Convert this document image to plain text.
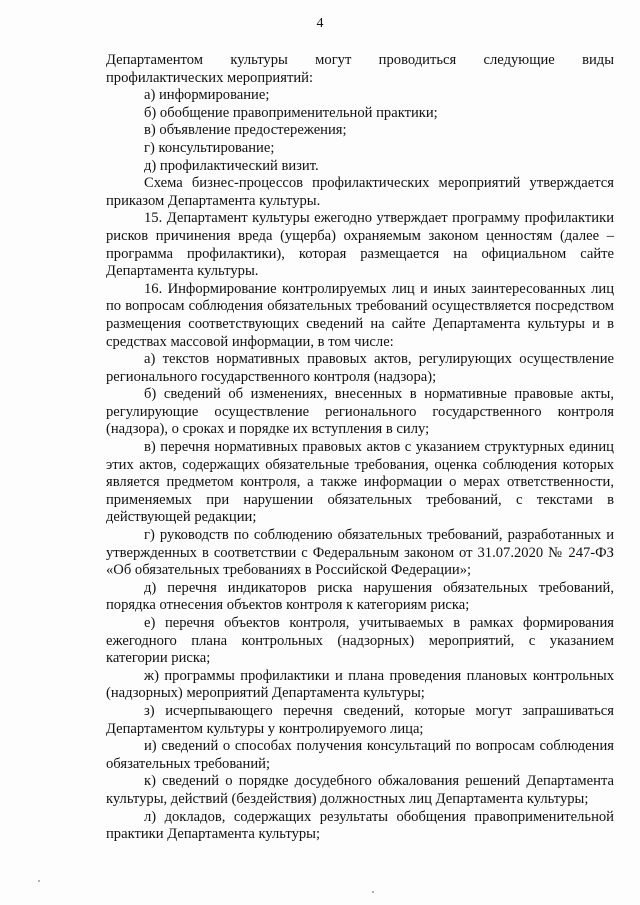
4

Департаментом культуры могут проводиться следующие виды профилактических мероприятий:

а) информирование;

б) обобщение правоприменительной практики;

в) объявление предостережения;

г) консультирование;

д) профилактический визит.

Схема бизнес-процессов профилактических мероприятий утверждается приказом Департамента культуры.

15. Департамент культуры ежегодно утверждает программу профилактики рисков причинения вреда (ущерба) охраняемым законом ценностям (далее – программа профилактики), которая размещается на официальном сайте Департамента культуры.

16. Информирование контролируемых лиц и иных заинтересованных лиц по вопросам соблюдения обязательных требований осуществляется посредством размещения соответствующих сведений на сайте Департамента культуры и в средствах массовой информации, в том числе:

а) текстов нормативных правовых актов, регулирующих осуществление регионального государственного контроля (надзора);

б) сведений об изменениях, внесенных в нормативные правовые акты, регулирующие осуществление регионального государственного контроля (надзора), о сроках и порядке их вступления в силу;

в) перечня нормативных правовых актов с указанием структурных единиц этих актов, содержащих обязательные требования, оценка соблюдения которых является предметом контроля, а также информации о мерах ответственности, применяемых при нарушении обязательных требований, с текстами в действующей редакции;

г) руководств по соблюдению обязательных требований, разработанных и утвержденных в соответствии с Федеральным законом от 31.07.2020 № 247-ФЗ «Об обязательных требованиях в Российской Федерации»;

д) перечня индикаторов риска нарушения обязательных требований, порядка отнесения объектов контроля к категориям риска;

е) перечня объектов контроля, учитываемых в рамках формирования ежегодного плана контрольных (надзорных) мероприятий, с указанием категории риска;

ж) программы профилактики и плана проведения плановых контрольных (надзорных) мероприятий Департамента культуры;

з) исчерпывающего перечня сведений, которые могут запрашиваться Департаментом культуры у контролируемого лица;

и) сведений о способах получения консультаций по вопросам соблюдения обязательных требований;

к) сведений о порядке досудебного обжалования решений Департамента культуры, действий (бездействия) должностных лиц Департамента культуры;

л) докладов, содержащих результаты обобщения правоприменительной практики Департамента культуры;
